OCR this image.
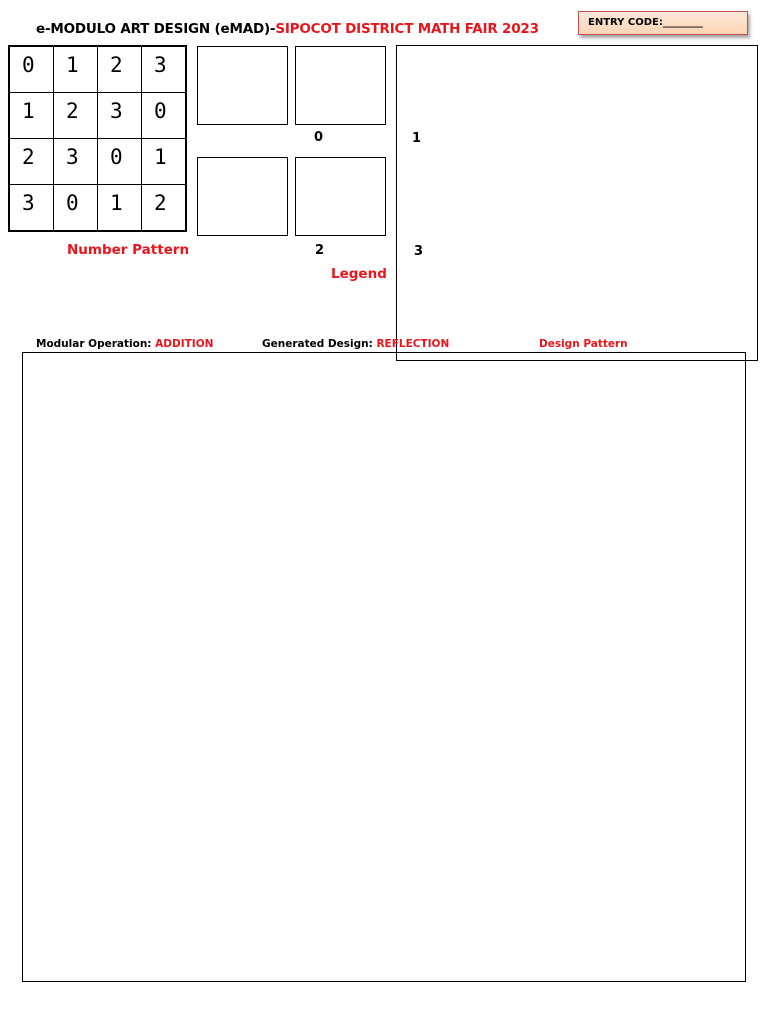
e-MODULO ART DESIGN (eMAD)-SIPOCOT DISTRICT MATH FAIR 2023	ENTRY CODE:________
0	1	2	3

1	2	3	0

2	3	0	1

3	0	1	2
Number Pattern
0	1
2	3
Legend
Modular Operation: ADDITION	Generated Design: REFLECTION	Design Pattern
